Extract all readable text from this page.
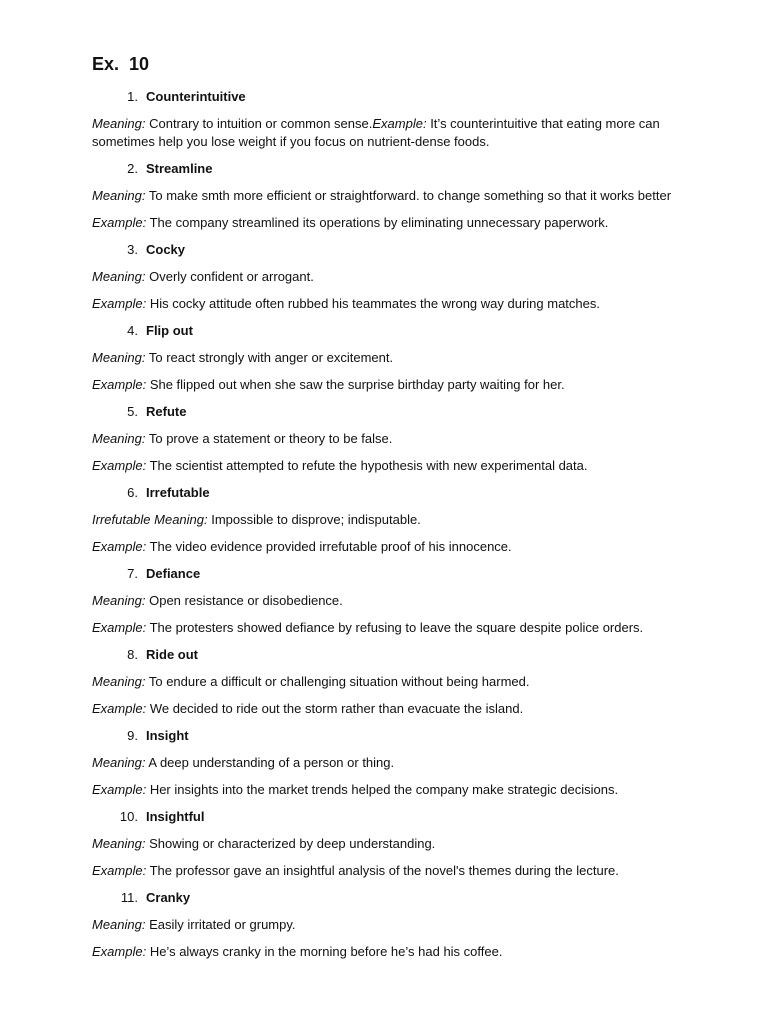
Ex.  10
1. Counterintuitive
Meaning: Contrary to intuition or common sense.Example: It’s counterintuitive that eating more can sometimes help you lose weight if you focus on nutrient-dense foods.
2. Streamline
Meaning: To make smth more efficient or straightforward. to change something so that it works better
Example: The company streamlined its operations by eliminating unnecessary paperwork.
3. Cocky
Meaning: Overly confident or arrogant.
Example: His cocky attitude often rubbed his teammates the wrong way during matches.
4. Flip out
Meaning: To react strongly with anger or excitement.
Example: She flipped out when she saw the surprise birthday party waiting for her.
5. Refute
Meaning: To prove a statement or theory to be false.
Example: The scientist attempted to refute the hypothesis with new experimental data.
6. Irrefutable
Irrefutable Meaning: Impossible to disprove; indisputable.
Example: The video evidence provided irrefutable proof of his innocence.
7. Defiance
Meaning: Open resistance or disobedience.
Example: The protesters showed defiance by refusing to leave the square despite police orders.
8. Ride out
Meaning: To endure a difficult or challenging situation without being harmed.
Example: We decided to ride out the storm rather than evacuate the island.
9. Insight
Meaning: A deep understanding of a person or thing.
Example: Her insights into the market trends helped the company make strategic decisions.
10. Insightful
Meaning: Showing or characterized by deep understanding.
Example: The professor gave an insightful analysis of the novel's themes during the lecture.
11. Cranky
Meaning: Easily irritated or grumpy.
Example: He’s always cranky in the morning before he’s had his coffee.
